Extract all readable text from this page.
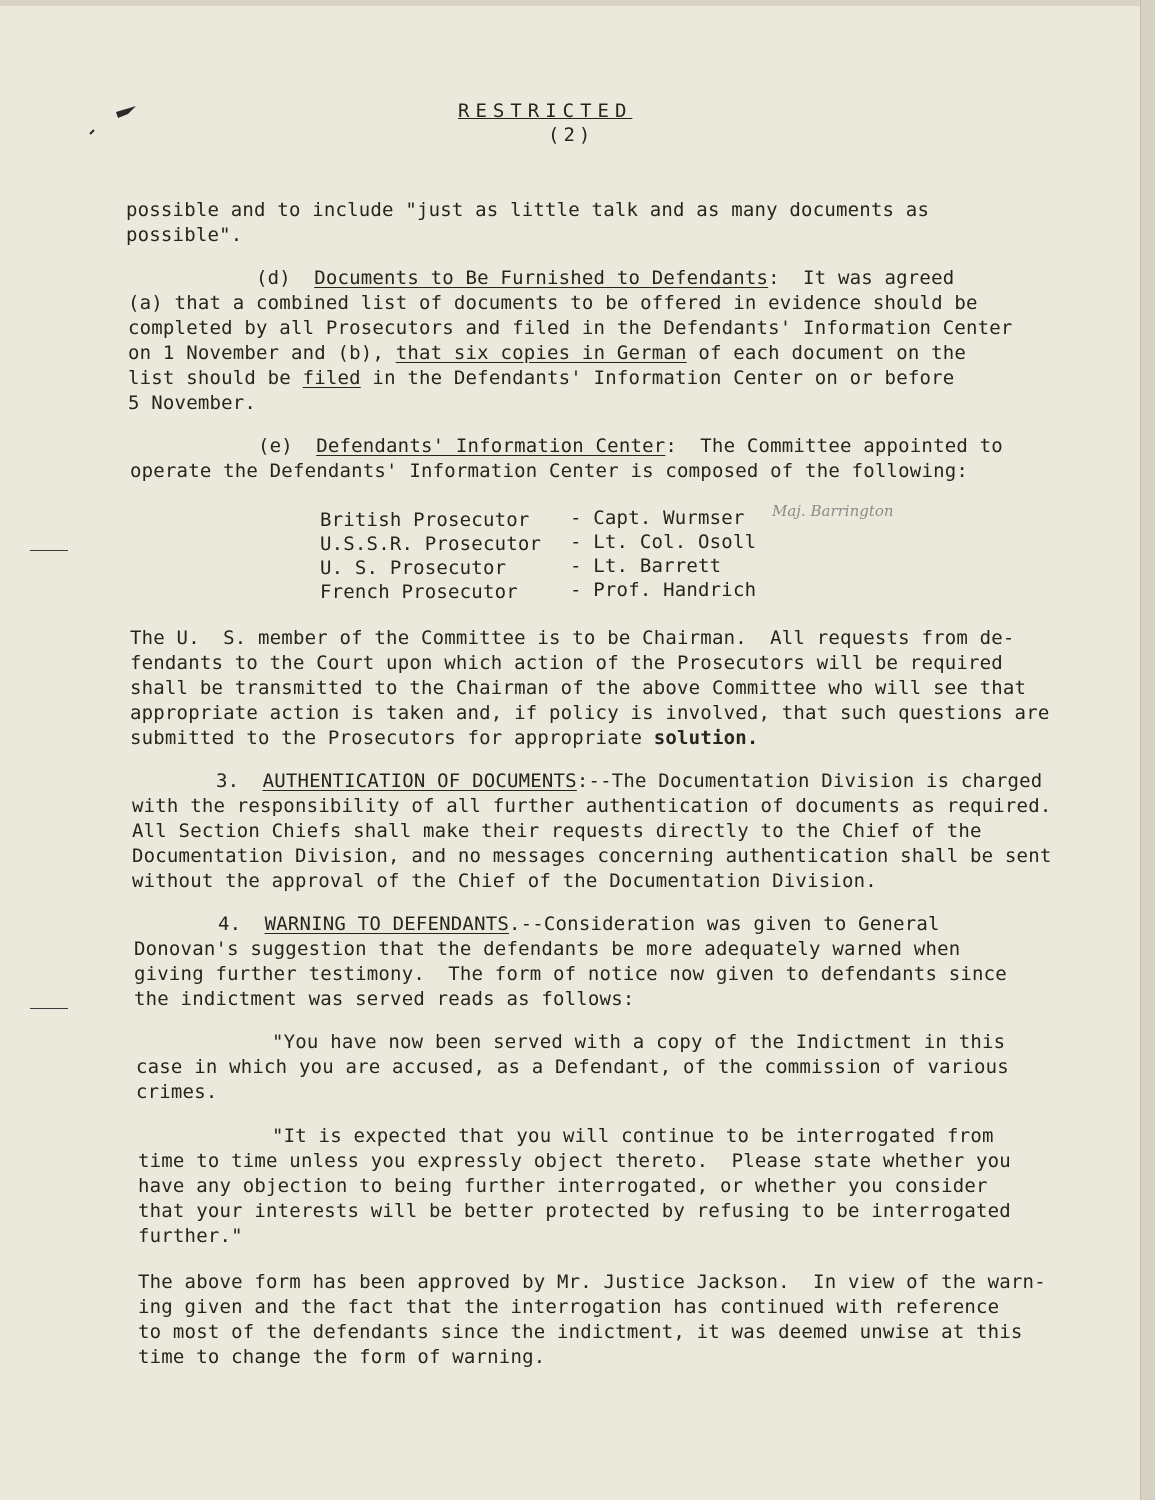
RESTRICTED
(2)
possible and to include "just as little talk and as many documents as
possible".
(d) Documents to Be Furnished to Defendants:  It was agreed
(a) that a combined list of documents to be offered in evidence should be
completed by all Prosecutors and filed in the Defendants' Information Center
on 1 November and (b), that six copies in German of each document on the
list should be filed in the Defendants' Information Center on or before
5 November.
(e) Defendants' Information Center:  The Committee appointed to
operate the Defendants' Information Center is composed of the following:
British Prosecutor - Capt. Wurmser
U.S.S.R. Prosecutor - Lt. Col. Osoll
U. S. Prosecutor	- Lt. Barrett
French Prosecutor	- Prof. Handrich
Maj. Barrington
The U.  S. member of the Committee is to be Chairman.  All requests from de-
fendants to the Court upon which action of the Prosecutors will be required
shall be transmitted to the Chairman of the above Committee who will see that
appropriate action is taken and, if policy is involved, that such questions are
submitted to the Prosecutors for appropriate solution.
3. AUTHENTICATION OF DOCUMENTS:--The Documentation Division is charged
with the responsibility of all further authentication of documents as required.
All Section Chiefs shall make their requests directly to the Chief of the
Documentation Division, and no messages concerning authentication shall be sent
without the approval of the Chief of the Documentation Division.
4. WARNING TO DEFENDANTS.--Consideration was given to General
Donovan's suggestion that the defendants be more adequately warned when
giving further testimony.  The form of notice now given to defendants since
the indictment was served reads as follows:
"You have now been served with a copy of the Indictment in this
case in which you are accused, as a Defendant, of the commission of various
crimes.
"It is expected that you will continue to be interrogated from
time to time unless you expressly object thereto.  Please state whether you
have any objection to being further interrogated, or whether you consider
that your interests will be better protected by refusing to be interrogated
further."
The above form has been approved by Mr. Justice Jackson.  In view of the warn-
ing given and the fact that the interrogation has continued with reference
to most of the defendants since the indictment, it was deemed unwise at this
time to change the form of warning.
